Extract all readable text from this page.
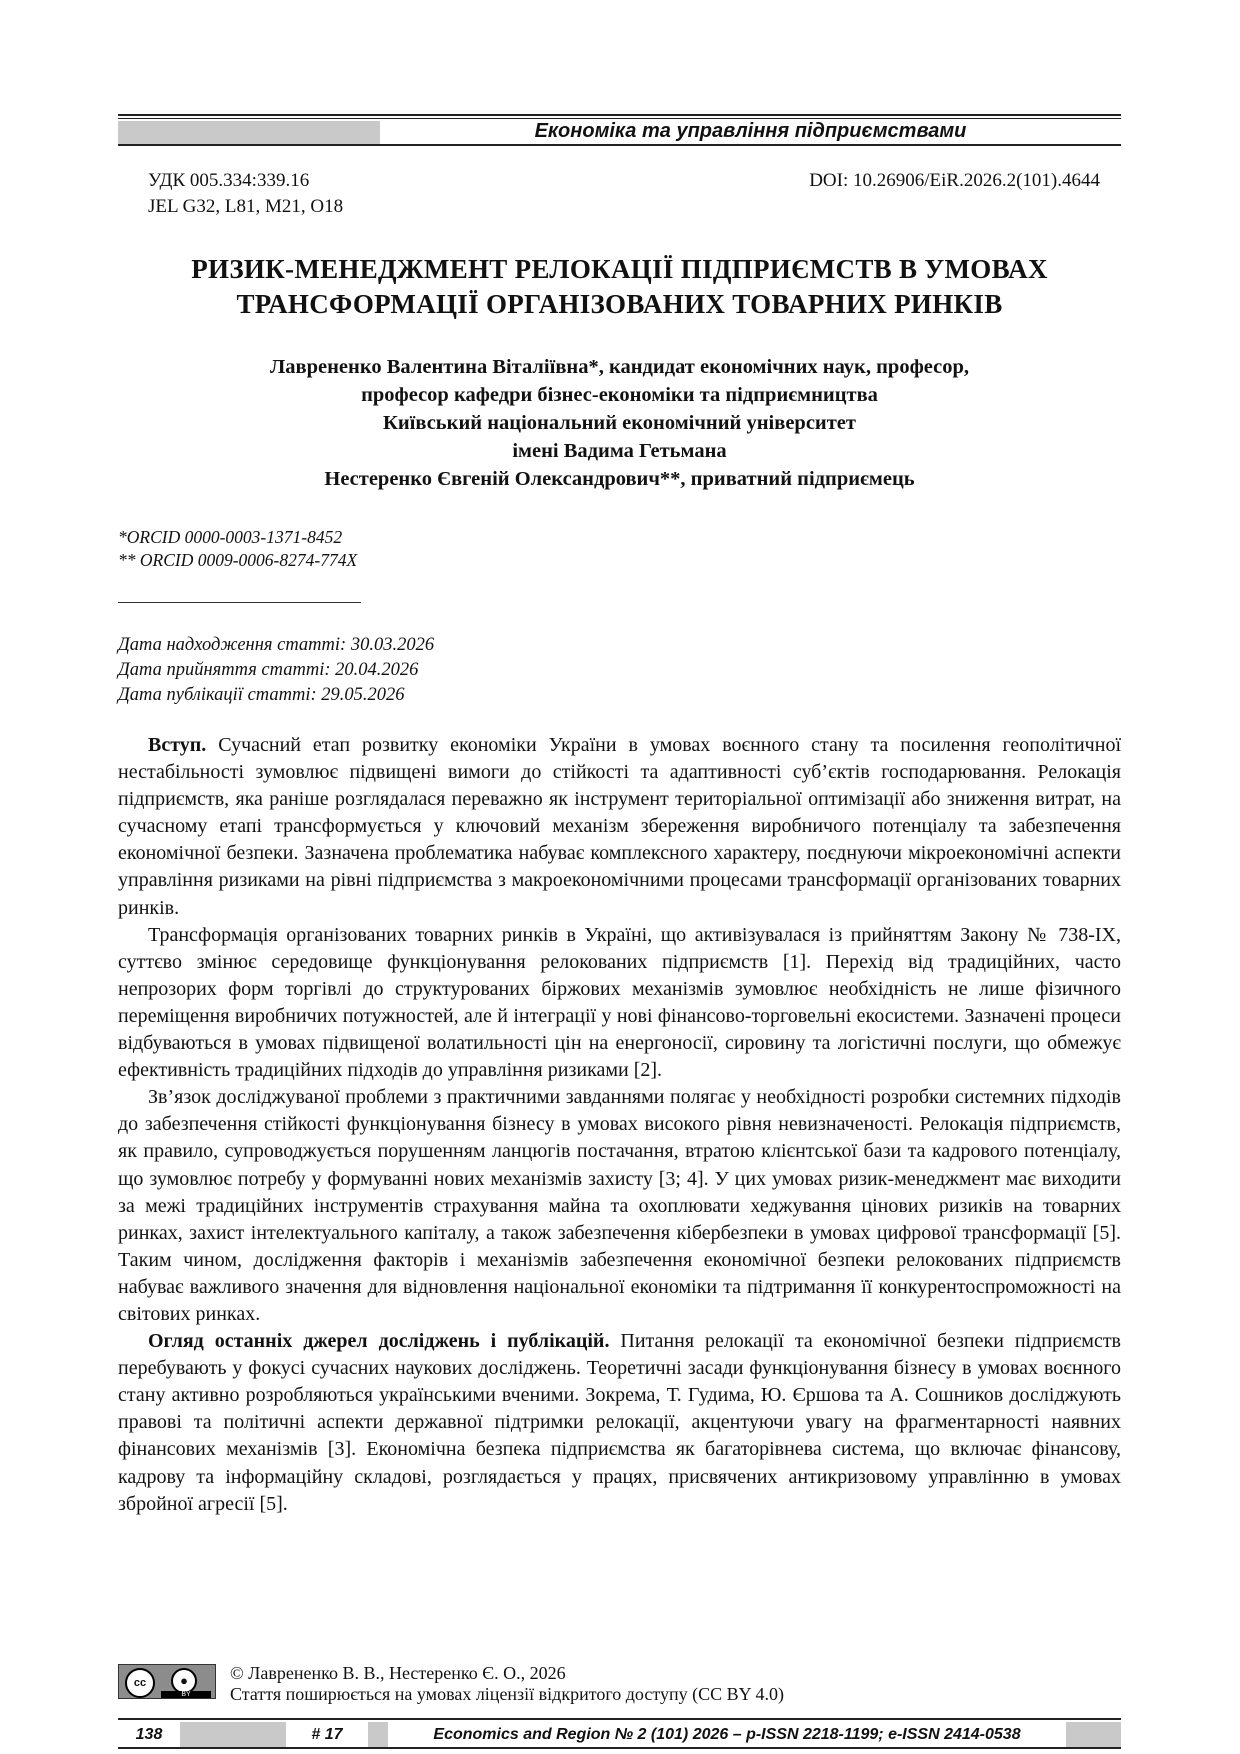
Економіка та управління підприємствами
УДК 005.334:339.16
JEL G32, L81, M21, O18
DOI: 10.26906/EiR.2026.2(101).4644
РИЗИК-МЕНЕДЖМЕНТ РЕЛОКАЦІЇ ПІДПРИЄМСТВ В УМОВАХ
ТРАНСФОРМАЦІЇ ОРГАНІЗОВАНИХ ТОВАРНИХ РИНКІВ
Лаврененко Валентина Віталіївна*, кандидат економічних наук, професор,
професор кафедри бізнес-економіки та підприємництва
Київський національний економічний університет
імені Вадима Гетьмана
Нестеренко Євгеній Олександрович**, приватний підприємець
*ORCID 0000-0003-1371-8452
** ORCID 0009-0006-8274-774X
Дата надходження статті: 30.03.2026
Дата прийняття статті: 20.04.2026
Дата публікації статті: 29.05.2026

Вступ. Сучасний етап розвитку економіки України в умовах воєнного стану та посилення геополітичної нестабільності зумовлює підвищені вимоги до стійкості та адаптивності суб’єктів господарювання. Релокація підприємств, яка раніше розглядалася переважно як інструмент територіальної оптимізації або зниження витрат, на сучасному етапі трансформується у ключовий механізм збереження виробничого потенціалу та забезпечення економічної безпеки. Зазначена проблематика набуває комплексного характеру, поєднуючи мікроекономічні аспекти управління ризиками на рівні підприємства з макроекономічними процесами трансформації організованих товарних ринків.

Трансформація організованих товарних ринків в Україні, що активізувалася із прийняттям Закону № 738-IX, суттєво змінює середовище функціонування релокованих підприємств [1]. Перехід від традиційних, часто непрозорих форм торгівлі до структурованих біржових механізмів зумовлює необхідність не лише фізичного переміщення виробничих потужностей, але й інтеграції у нові фінансово-торговельні екосистеми. Зазначені процеси відбуваються в умовах підвищеної волатильності цін на енергоносії, сировину та логістичні послуги, що обмежує ефективність традиційних підходів до управління ризиками [2].

Зв’язок досліджуваної проблеми з практичними завданнями полягає у необхідності розробки системних підходів до забезпечення стійкості функціонування бізнесу в умовах високого рівня невизначеності. Релокація підприємств, як правило, супроводжується порушенням ланцюгів постачання, втратою клієнтської бази та кадрового потенціалу, що зумовлює потребу у формуванні нових механізмів захисту [3; 4]. У цих умовах ризик-менеджмент має виходити за межі традиційних інструментів страхування майна та охоплювати хеджування цінових ризиків на товарних ринках, захист інтелектуального капіталу, а також забезпечення кібербезпеки в умовах цифрової трансформації [5]. Таким чином, дослідження факторів і механізмів забезпечення економічної безпеки релокованих підприємств набуває важливого значення для відновлення національної економіки та підтримання її конкурентоспроможності на світових ринках.

Огляд останніх джерел досліджень і публікацій. Питання релокації та економічної безпеки підприємств перебувають у фокусі сучасних наукових досліджень. Теоретичні засади функціонування бізнесу в умовах воєнного стану активно розробляються українськими вченими. Зокрема, Т. Гудима, Ю. Єршова та А. Сошников досліджують правові та політичні аспекти державної підтримки релокації, акцентуючи увагу на фрагментарності наявних фінансових механізмів [3]. Економічна безпека підприємства як багаторівнева система, що включає фінансову, кадрову та інформаційну складові, розглядається у працях, присвячених антикризовому управлінню в умовах збройної агресії [5].

cc	●
BY
© Лаврененко В. В., Нестеренко Є. О., 2026
Стаття поширюється на умовах ліцензії відкритого доступу (CC BY 4.0)
138	# 17	Economics and Region № 2 (101) 2026 – p-ISSN 2218-1199; e-ISSN 2414-0538
